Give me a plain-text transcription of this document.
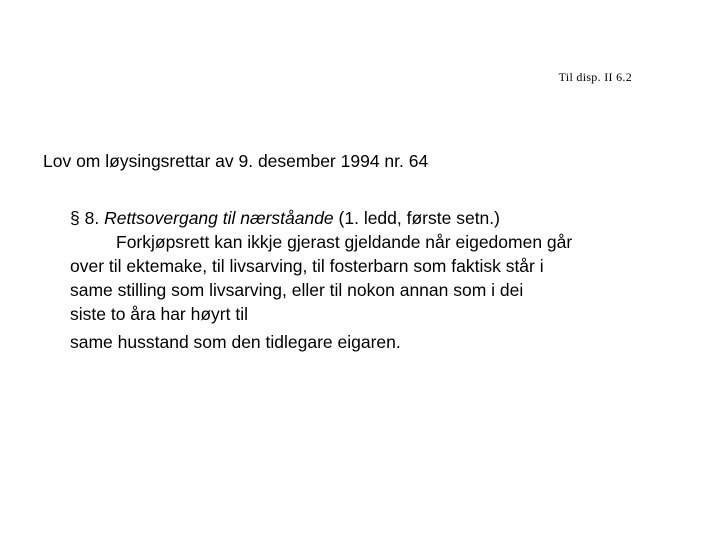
Til disp. II 6.2
Lov om løysingsrettar av 9. desember 1994 nr. 64
§ 8. Rettsovergang til nærståande (1. ledd, første setn.)
Forkjøpsrett kan ikkje gjerast gjeldande når eigedomen går
over til ektemake, til livsarving, til fosterbarn som faktisk står i
same stilling som livsarving, eller til nokon annan som i dei
siste to åra har høyrt til
same husstand som den tidlegare eigaren.
